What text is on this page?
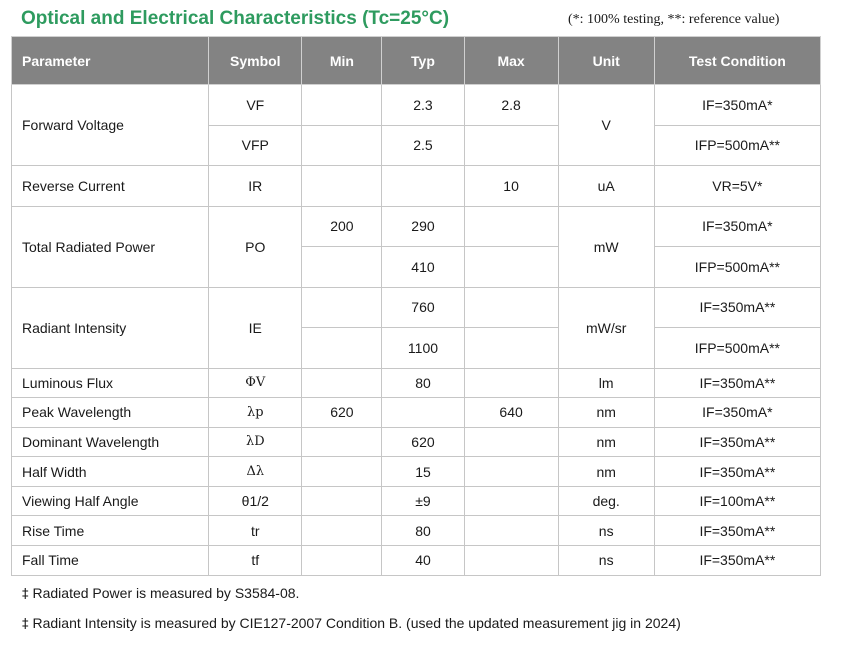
Optical and Electrical Characteristics (Tc=25°C)	(*: 100% testing, **: reference value)
Parameter	Symbol	Min	Typ	Max	Unit	Test Condition
Forward Voltage	VF		2.3	2.8	V	IF=350mA*
	VFP		2.5			IFP=500mA**
Reverse Current	IR			10	uA	VR=5V*
Total Radiated Power	PO	200	290		mW	IF=350mA*
			410			IFP=500mA**
Radiant Intensity	IE		760		mW/sr	IF=350mA**
			1100			IFP=500mA**
Luminous Flux	ΦV		80		lm	IF=350mA**
Peak Wavelength	λp	620		640	nm	IF=350mA*
Dominant Wavelength	λD		620		nm	IF=350mA**
Half Width	Δλ		15		nm	IF=350mA**
Viewing Half Angle	θ1/2		±9		deg.	IF=100mA**
Rise Time	tr		80		ns	IF=350mA**
Fall Time	tf		40		ns	IF=350mA**
‡ Radiated Power is measured by S3584-08.
‡ Radiant Intensity is measured by CIE127-2007 Condition B. (used the updated measurement jig in 2024)
